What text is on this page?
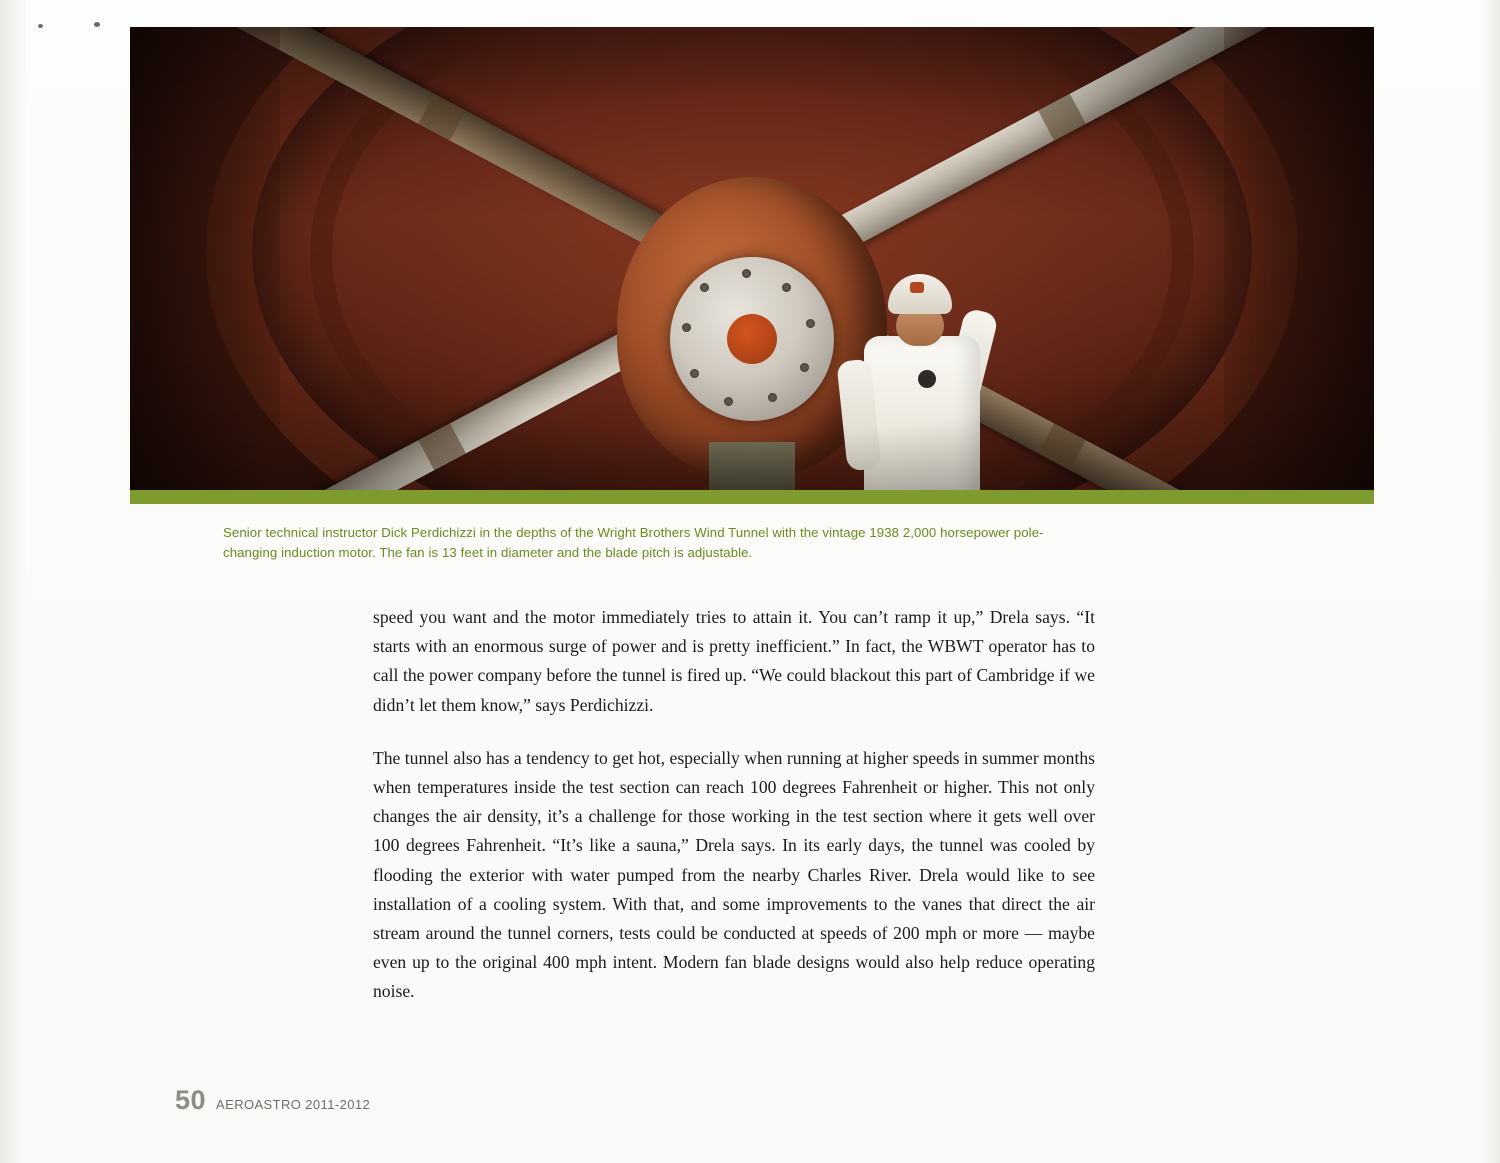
Senior technical instructor Dick Perdichizzi in the depths of the Wright Brothers Wind Tunnel with the vintage 1938 2,000 horsepower pole-changing induction motor. The fan is 13 feet in diameter and the blade pitch is adjustable.

speed you want and the motor immediately tries to attain it. You can’t ramp it up,” Drela says. “It starts with an enormous surge of power and is pretty inefficient.” In fact, the WBWT operator has to call the power company before the tunnel is fired up. “We could blackout this part of Cambridge if we didn’t let them know,” says Perdichizzi.

The tunnel also has a tendency to get hot, especially when running at higher speeds in summer months when temperatures inside the test section can reach 100 degrees Fahrenheit or higher. This not only changes the air density, it’s a challenge for those working in the test section where it gets well over 100 degrees Fahrenheit. “It’s like a sauna,” Drela says. In its early days, the tunnel was cooled by flooding the exterior with water pumped from the nearby Charles River. Drela would like to see installation of a cooling system. With that, and some improvements to the vanes that direct the air stream around the tunnel corners, tests could be conducted at speeds of 200 mph or more — maybe even up to the original 400 mph intent. Modern fan blade designs would also help reduce operating noise.

50 AEROASTRO 2011-2012
